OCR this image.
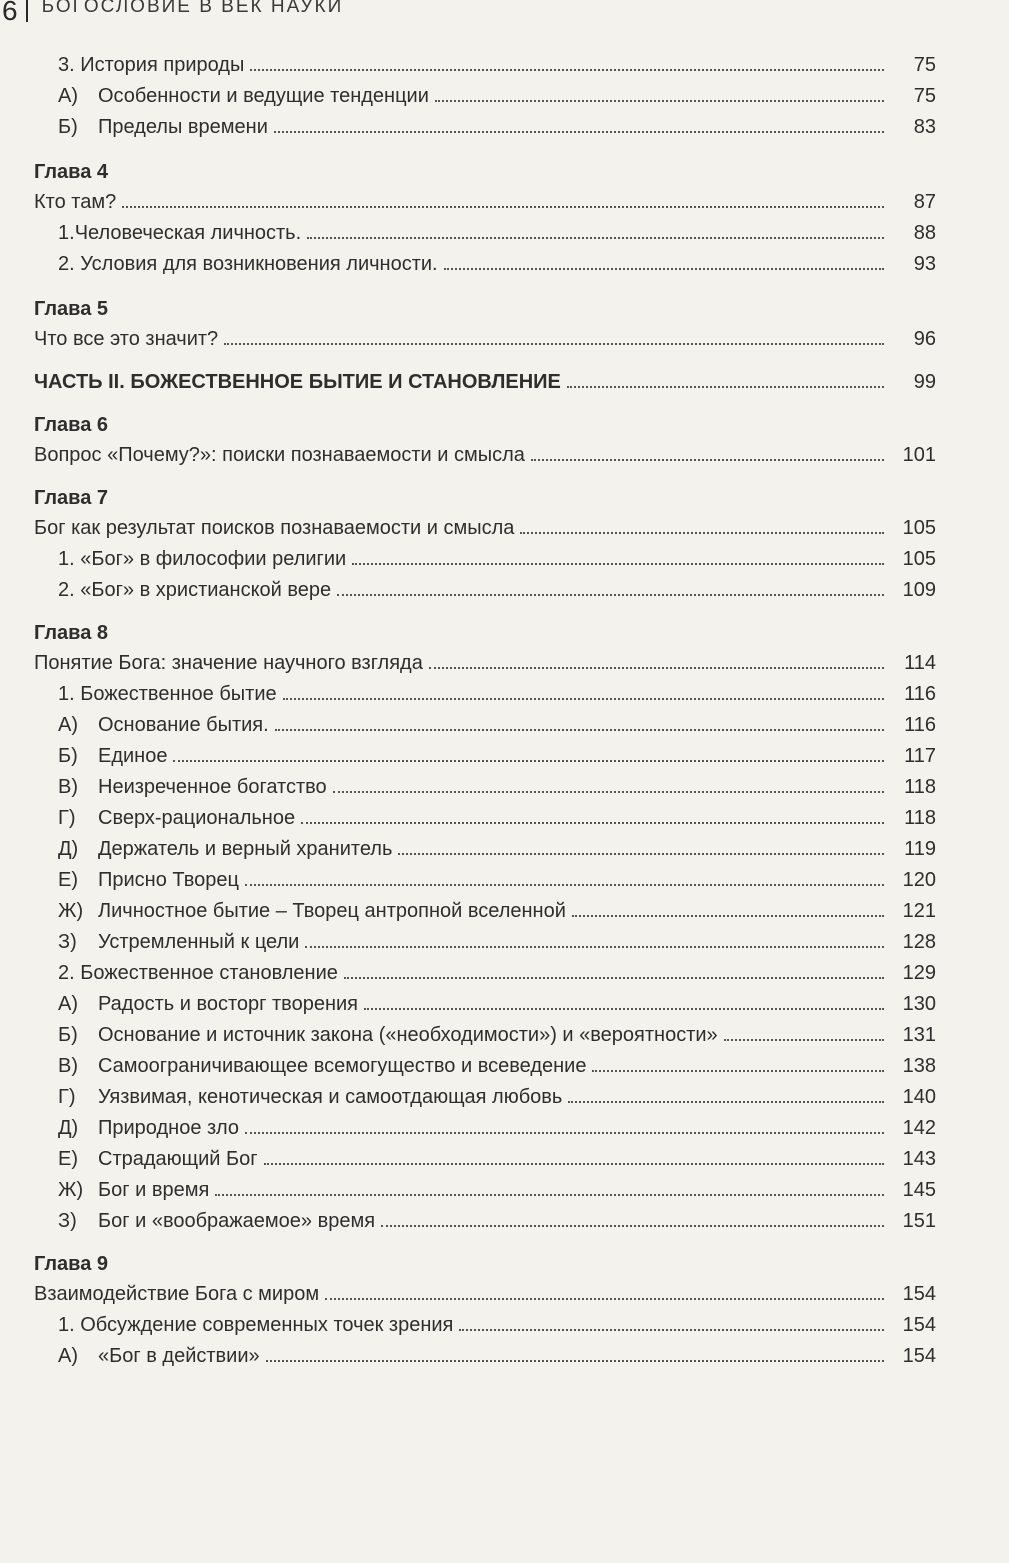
6 БОГОСЛОВИЕ В ВЕК НАУКИ
3. История природы	75
А) Особенности и ведущие тенденции	75
Б) Пределы времени	83
Глава 4
Кто там?	87
1.Человеческая личность.	88
2. Условия для возникновения личности.	93
Глава 5
Что все это значит?	96
ЧАСТЬ II. БОЖЕСТВЕННОЕ БЫТИЕ И СТАНОВЛЕНИЕ	99
Глава 6
Вопрос «Почему?»: поиски познаваемости и смысла	101
Глава 7
Бог как результат поисков познаваемости и смысла	105
1. «Бог» в философии религии	105
2. «Бог» в христианской вере	109
Глава 8
Понятие Бога: значение научного взгляда	114
1. Божественное бытие	116
А) Основание бытия.	116
Б) Единое	117
В) Неизреченное богатство	118
Г) Сверх-рациональное	118
Д) Держатель и верный хранитель	119
Е) Присно Творец	120
Ж) Личностное бытие – Творец антропной вселенной	121
З) Устремленный к цели	128
2. Божественное становление	129
А) Радость и восторг творения	130
Б) Основание и источник закона («необходимости») и «вероятности»	131
В) Самоограничивающее всемогущество и всеведение	138
Г) Уязвимая, кенотическая и самоотдающая любовь	140
Д) Природное зло	142
Е) Страдающий Бог	143
Ж) Бог и время	145
З) Бог и «воображаемое» время	151
Глава 9
Взаимодействие Бога с миром	154
1. Обсуждение современных точек зрения	154
А) «Бог в действии»	154
